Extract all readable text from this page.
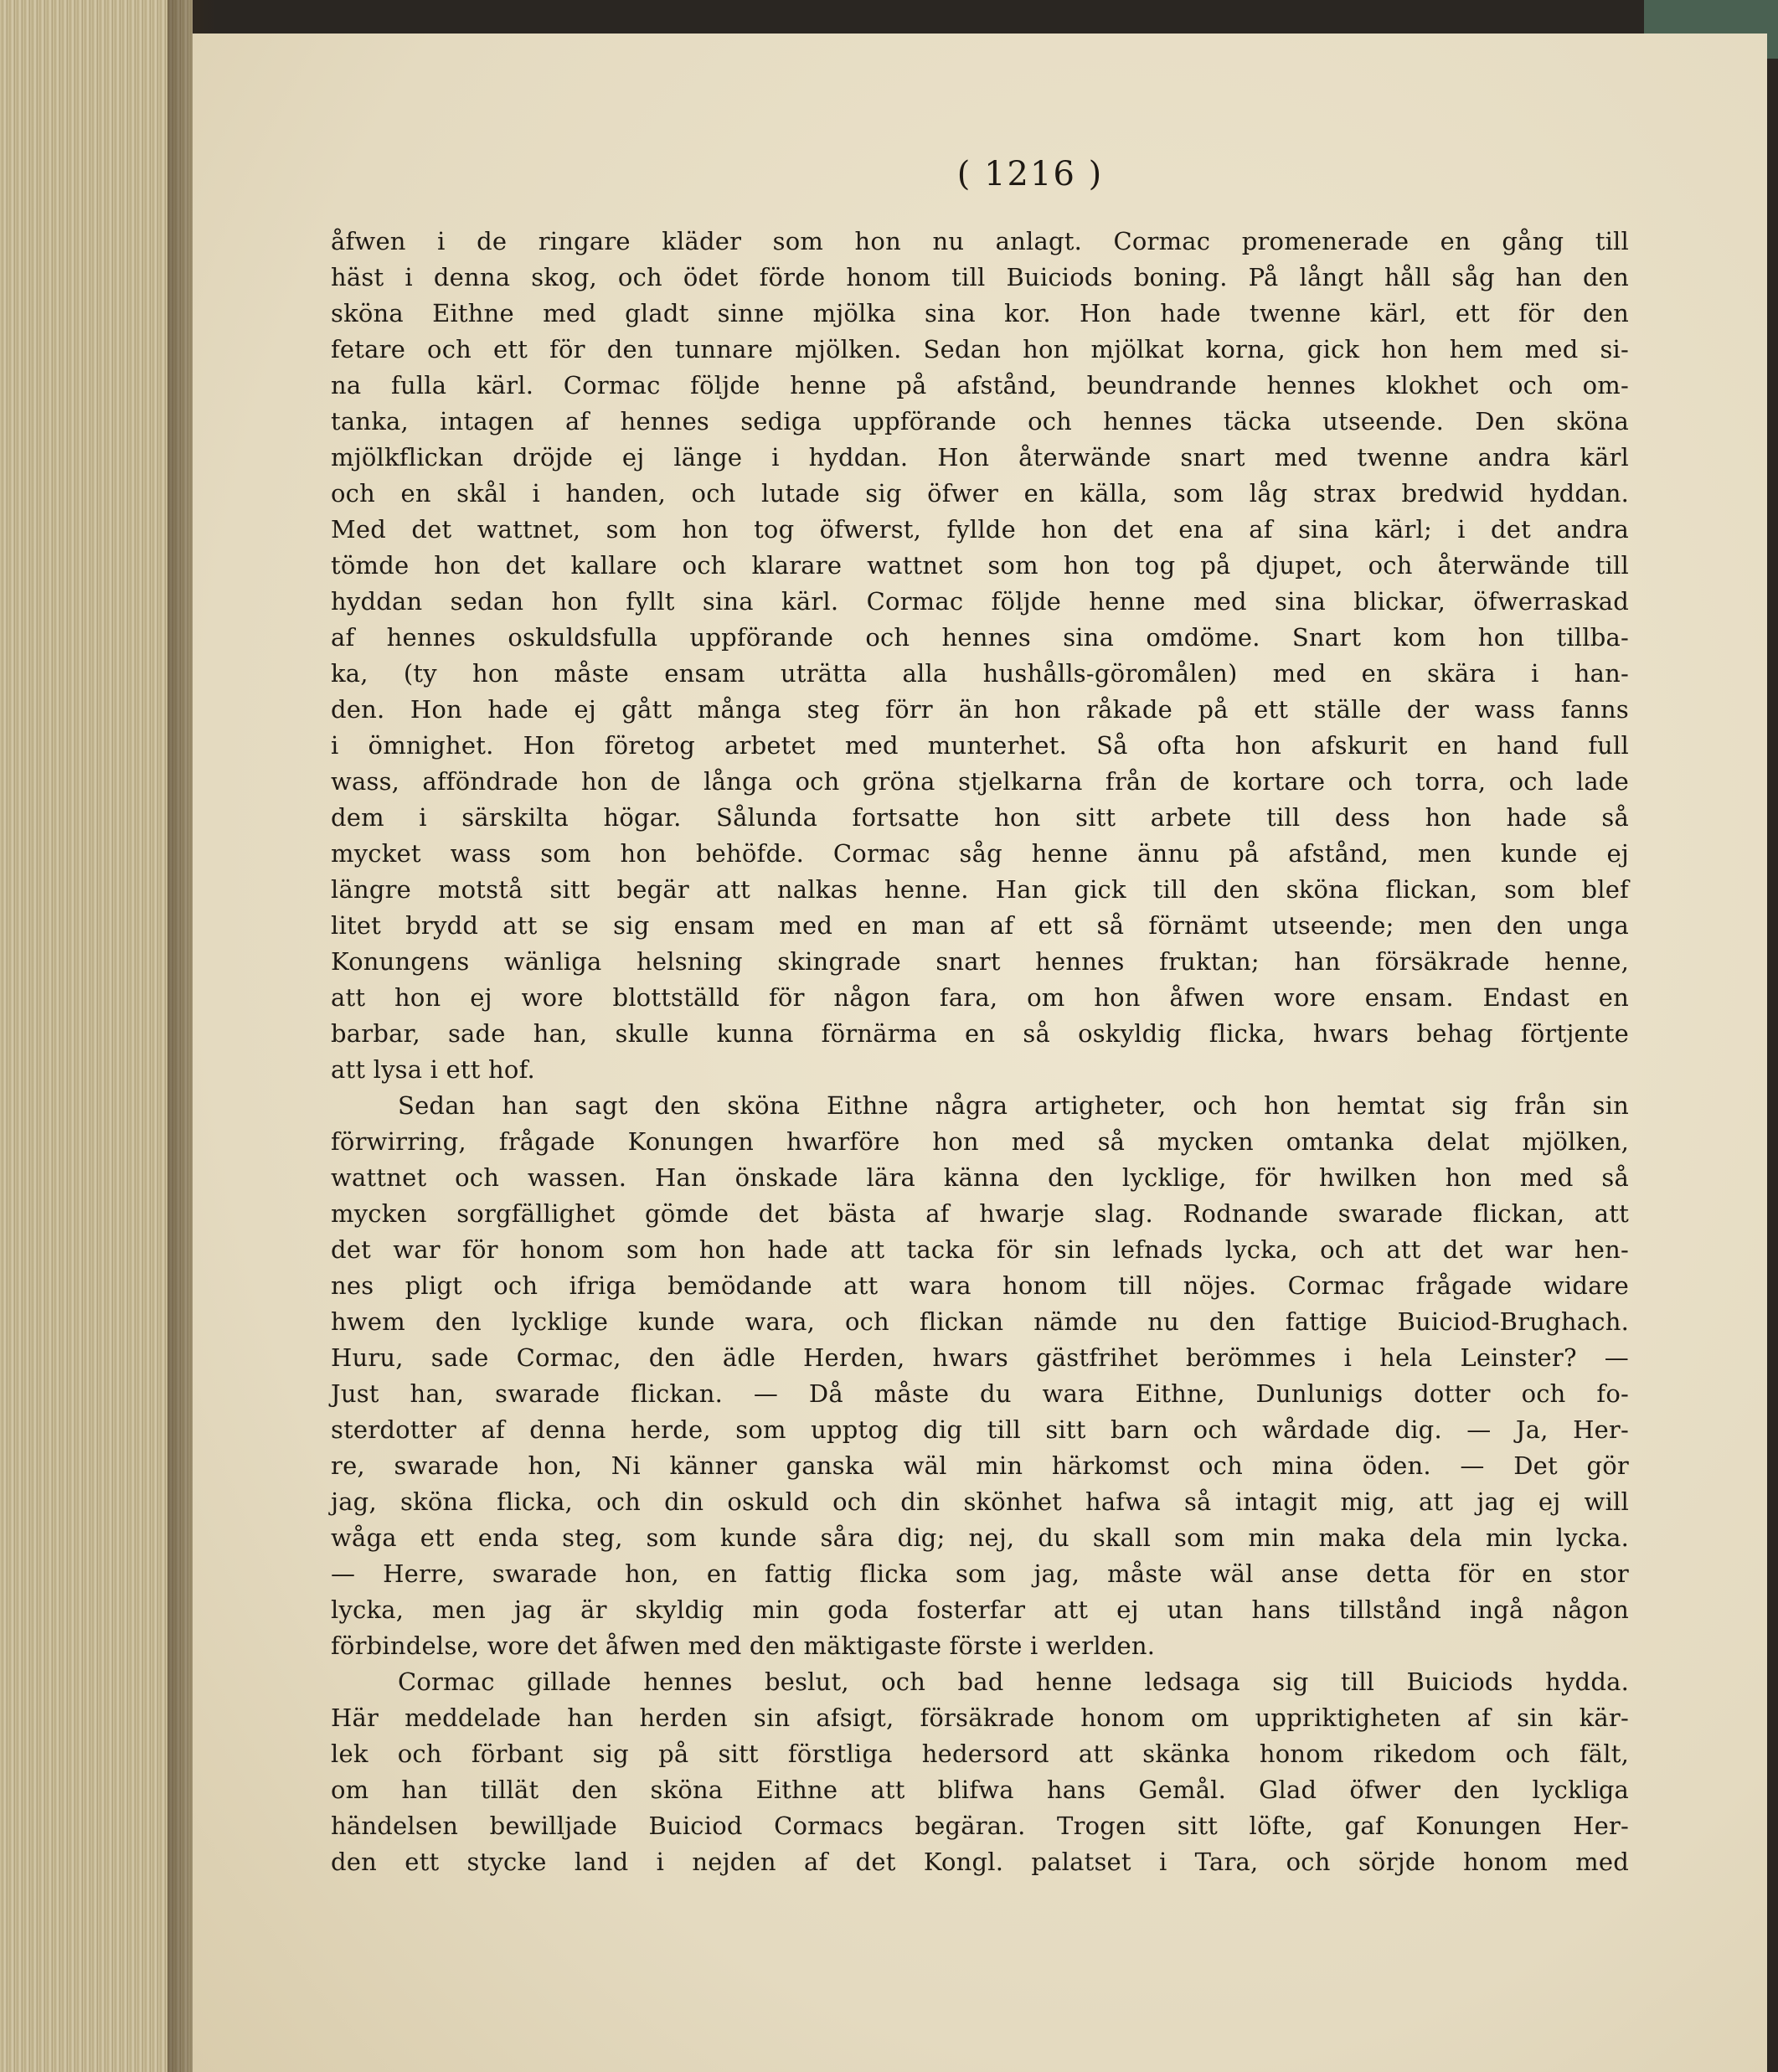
( 1216 )
åfwen i de ringare kläder som hon nu anlagt. Cormac promenerade en gång till
häst i denna skog, och ödet förde honom till Buiciods boning. På långt håll såg han den
sköna Eithne med gladt sinne mjölka sina kor. Hon hade twenne kärl, ett för den
fetare och ett för den tunnare mjölken. Sedan hon mjölkat korna, gick hon hem med si-
na fulla kärl. Cormac följde henne på afstånd, beundrande hennes klokhet och om-
tanka, intagen af hennes sediga uppförande och hennes täcka utseende. Den sköna
mjölkflickan dröjde ej länge i hyddan. Hon återwände snart med twenne andra kärl
och en skål i handen, och lutade sig öfwer en källa, som låg strax bredwid hyddan.
Med det wattnet, som hon tog öfwerst, fyllde hon det ena af sina kärl; i det andra
tömde hon det kallare och klarare wattnet som hon tog på djupet, och återwände till
hyddan sedan hon fyllt sina kärl. Cormac följde henne med sina blickar, öfwerraskad
af hennes oskuldsfulla uppförande och hennes sina omdöme. Snart kom hon tillba-
ka, (ty hon måste ensam uträtta alla hushålls-göromålen) med en skära i han-
den. Hon hade ej gått många steg förr än hon råkade på ett ställe der wass fanns
i ömnighet. Hon företog arbetet med munterhet. Så ofta hon afskurit en hand full
wass, afföndrade hon de långa och gröna stjelkarna från de kortare och torra, och lade
dem i särskilta högar. Sålunda fortsatte hon sitt arbete till dess hon hade så
mycket wass som hon behöfde. Cormac såg henne ännu på afstånd, men kunde ej
längre motstå sitt begär att nalkas henne. Han gick till den sköna flickan, som blef
litet brydd att se sig ensam med en man af ett så förnämt utseende; men den unga
Konungens wänliga helsning skingrade snart hennes fruktan; han försäkrade henne,
att hon ej wore blottställd för någon fara, om hon åfwen wore ensam. Endast en
barbar, sade han, skulle kunna förnärma en så oskyldig flicka, hwars behag förtjente
att lysa i ett hof.
Sedan han sagt den sköna Eithne några artigheter, och hon hemtat sig från sin
förwirring, frågade Konungen hwarföre hon med så mycken omtanka delat mjölken,
wattnet och wassen. Han önskade lära känna den lycklige, för hwilken hon med så
mycken sorgfällighet gömde det bästa af hwarje slag. Rodnande swarade flickan, att
det war för honom som hon hade att tacka för sin lefnads lycka, och att det war hen-
nes pligt och ifriga bemödande att wara honom till nöjes. Cormac frågade widare
hwem den lycklige kunde wara, och flickan nämde nu den fattige Buiciod-Brughach.
Huru, sade Cormac, den ädle Herden, hwars gästfrihet berömmes i hela Leinster? —
Just han, swarade flickan. — Då måste du wara Eithne, Dunlunigs dotter och fo-
sterdotter af denna herde, som upptog dig till sitt barn och wårdade dig. — Ja, Her-
re, swarade hon, Ni känner ganska wäl min härkomst och mina öden. — Det gör
jag, sköna flicka, och din oskuld och din skönhet hafwa så intagit mig, att jag ej will
wåga ett enda steg, som kunde såra dig; nej, du skall som min maka dela min lycka.
— Herre, swarade hon, en fattig flicka som jag, måste wäl anse detta för en stor
lycka, men jag är skyldig min goda fosterfar att ej utan hans tillstånd ingå någon
förbindelse, wore det åfwen med den mäktigaste förste i werlden.
Cormac gillade hennes beslut, och bad henne ledsaga sig till Buiciods hydda.
Här meddelade han herden sin afsigt, försäkrade honom om uppriktigheten af sin kär-
lek och förbant sig på sitt förstliga hedersord att skänka honom rikedom och fält,
om han tillät den sköna Eithne att blifwa hans Gemål. Glad öfwer den lyckliga
händelsen bewilljade Buiciod Cormacs begäran. Trogen sitt löfte, gaf Konungen Her-
den ett stycke land i nejden af det Kongl. palatset i Tara, och sörjde honom med
